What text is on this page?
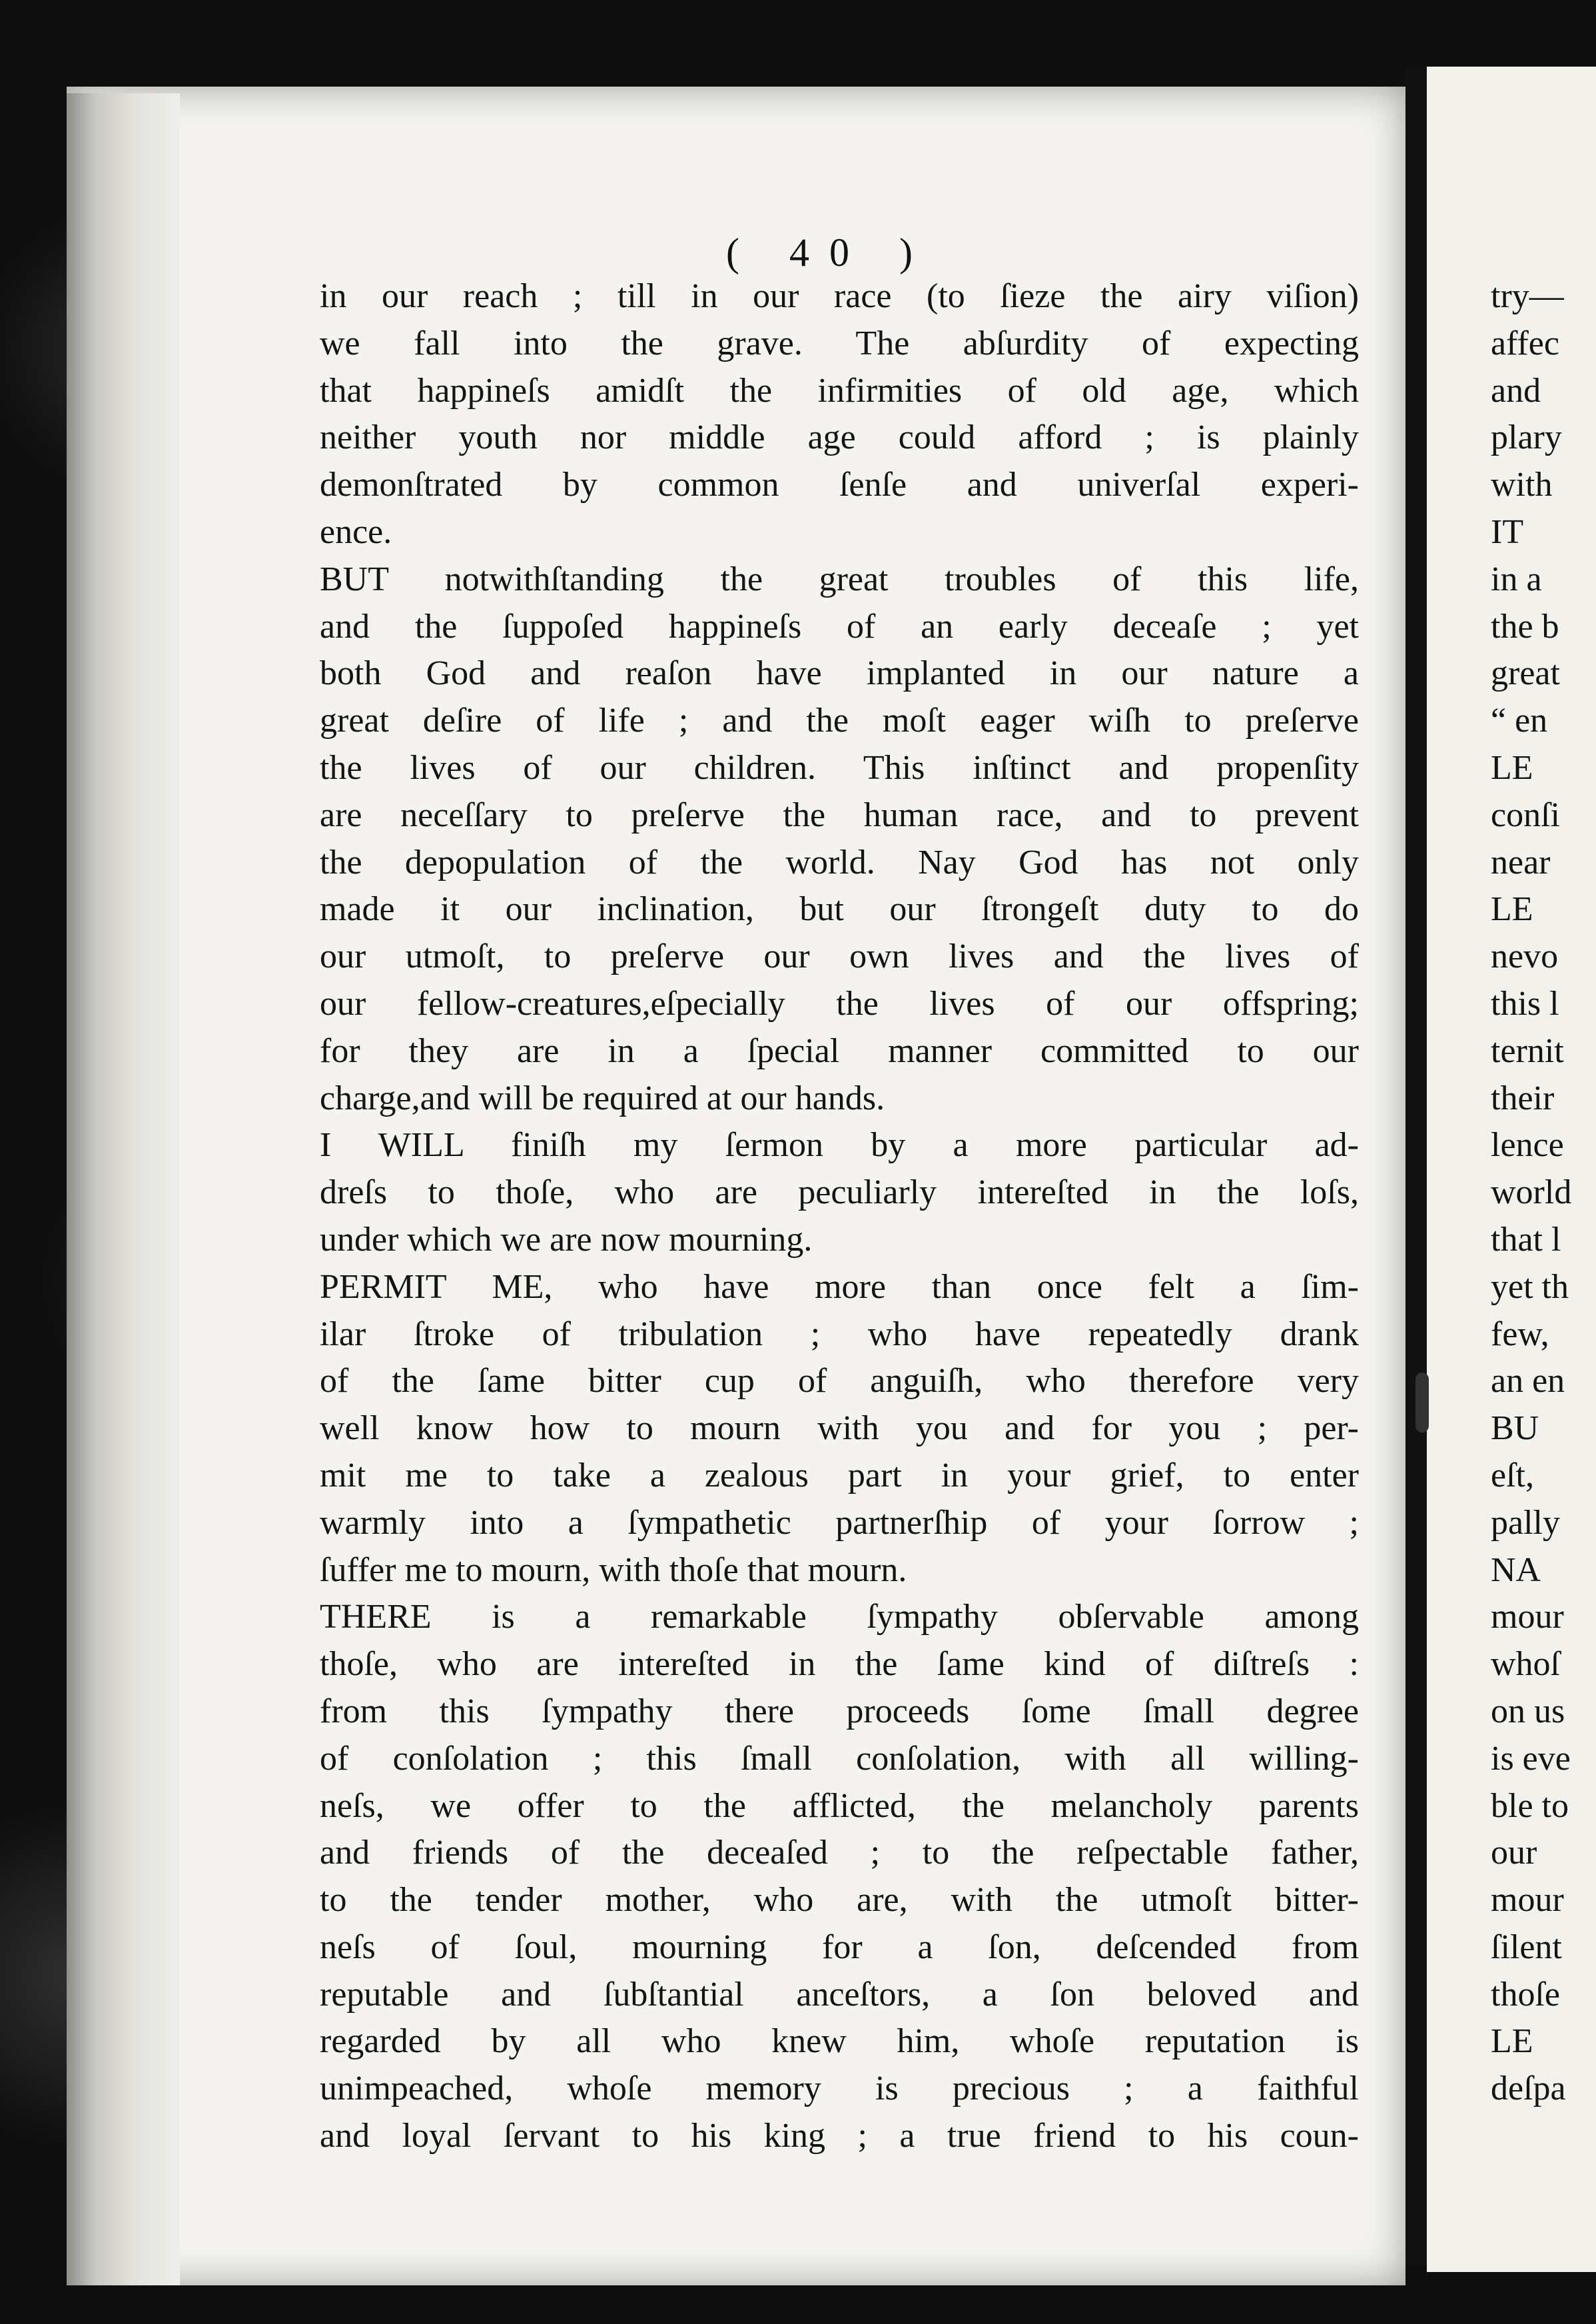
( 40 )
in our reach ; till in our race (to ſieze the airy viſion)
we fall into the grave. The abſurdity of expecting
that happineſs amidſt the infirmities of old age, which
neither youth nor middle age could afford ; is plainly
demonſtrated by common ſenſe and univerſal experi-
ence.
BUT notwithſtanding the great troubles of this life,
and the ſuppoſed happineſs of an early deceaſe ; yet
both God and reaſon have implanted in our nature a
great deſire of life ; and the moſt eager wiſh to preſerve
the lives of our children. This inſtinct and propenſity
are neceſſary to preſerve the human race, and to prevent
the depopulation of the world. Nay God has not only
made it our inclination, but our ſtrongeſt duty to do
our utmoſt, to preſerve our own lives and the lives of
our fellow-creatures,eſpecially the lives of our offspring;
for they are in a ſpecial manner committed to our
charge,and will be required at our hands.
I WILL finiſh my ſermon by a more particular ad-
dreſs to thoſe, who are peculiarly intereſted in the loſs,
under which we are now mourning.
PERMIT ME, who have more than once felt a ſim-
ilar ſtroke of tribulation ; who have repeatedly drank
of the ſame bitter cup of anguiſh, who therefore very
well know how to mourn with you and for you ; per-
mit me to take a zealous part in your grief, to enter
warmly into a ſympathetic partnerſhip of your ſorrow ;
ſuffer me to mourn, with thoſe that mourn.
THERE is a remarkable ſympathy obſervable among
thoſe, who are intereſted in the ſame kind of diſtreſs :
from this ſympathy there proceeds ſome ſmall degree
of conſolation ; this ſmall conſolation, with all willing-
neſs, we offer to the afflicted, the melancholy parents
and friends of the deceaſed ; to the reſpectable father,
to the tender mother, who are, with the utmoſt bitter-
neſs of ſoul, mourning for a ſon, deſcended from
reputable and ſubſtantial anceſtors, a ſon beloved and
regarded by all who knew him, whoſe reputation is
unimpeached, whoſe memory is precious ; a faithful
and loyal ſervant to his king ; a true friend to his coun-
try—
affec
and
plary
with
IT
in a
the b
great
“ en
LE
conſi
near
LE
nevo
this l
ternit
their
lence
world
that l
yet th
few,
an en
BU
eſt,
pally
NA
mour
whoſ
on us
is eve
ble to
our
mour
ſilent
thoſe
LE
deſpa
